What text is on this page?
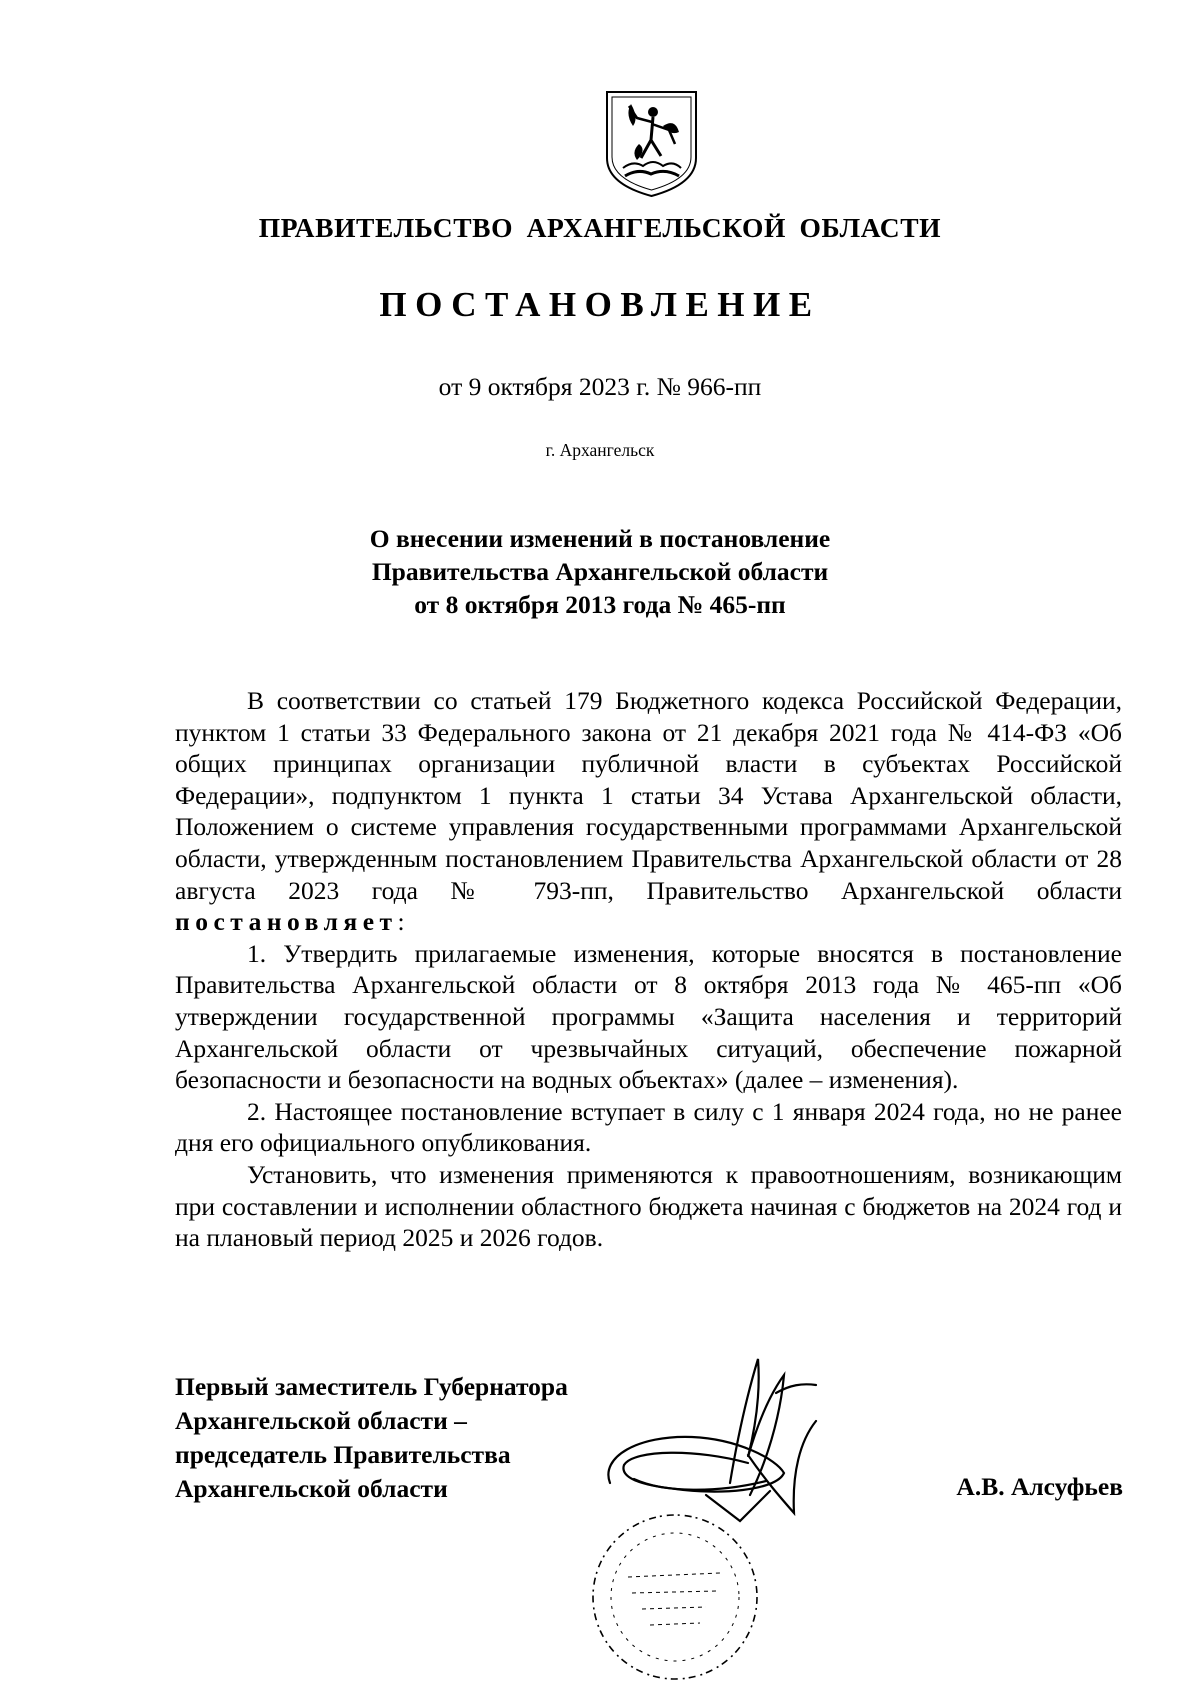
ПРАВИТЕЛЬСТВО АРХАНГЕЛЬСКОЙ ОБЛАСТИ
ПОСТАНОВЛЕНИЕ
от 9 октября 2023 г. № 966-пп
г. Архангельск
О внесении изменений в постановление
Правительства Архангельской области
от 8 октября 2013 года № 465-пп

В соответствии со статьей 179 Бюджетного кодекса Российской Федерации, пунктом 1 статьи 33 Федерального закона от 21 декабря 2021 года № 414-ФЗ «Об общих принципах организации публичной власти в субъектах Российской Федерации», подпунктом 1 пункта 1 статьи 34 Устава Архангельской области, Положением о системе управления государственными программами Архангельской области, утвержденным постановлением Правительства Архангельской области от 28 августа 2023 года № 793-пп, Правительство Архангельской области постановляет:

1. Утвердить прилагаемые изменения, которые вносятся в постановление Правительства Архангельской области от 8 октября 2013 года № 465-пп «Об утверждении государственной программы «Защита населения и территорий Архангельской области от чрезвычайных ситуаций, обеспечение пожарной безопасности и безопасности на водных объектах» (далее – изменения).

2. Настоящее постановление вступает в силу с 1 января 2024 года, но не ранее дня его официального опубликования.

Установить, что изменения применяются к правоотношениям, возникающим при составлении и исполнении областного бюджета начиная с бюджетов на 2024 год и на плановый период 2025 и 2026 годов.

Первый заместитель Губернатора
Архангельской области –
председатель Правительства
Архангельской области	А.В. Алсуфьев
